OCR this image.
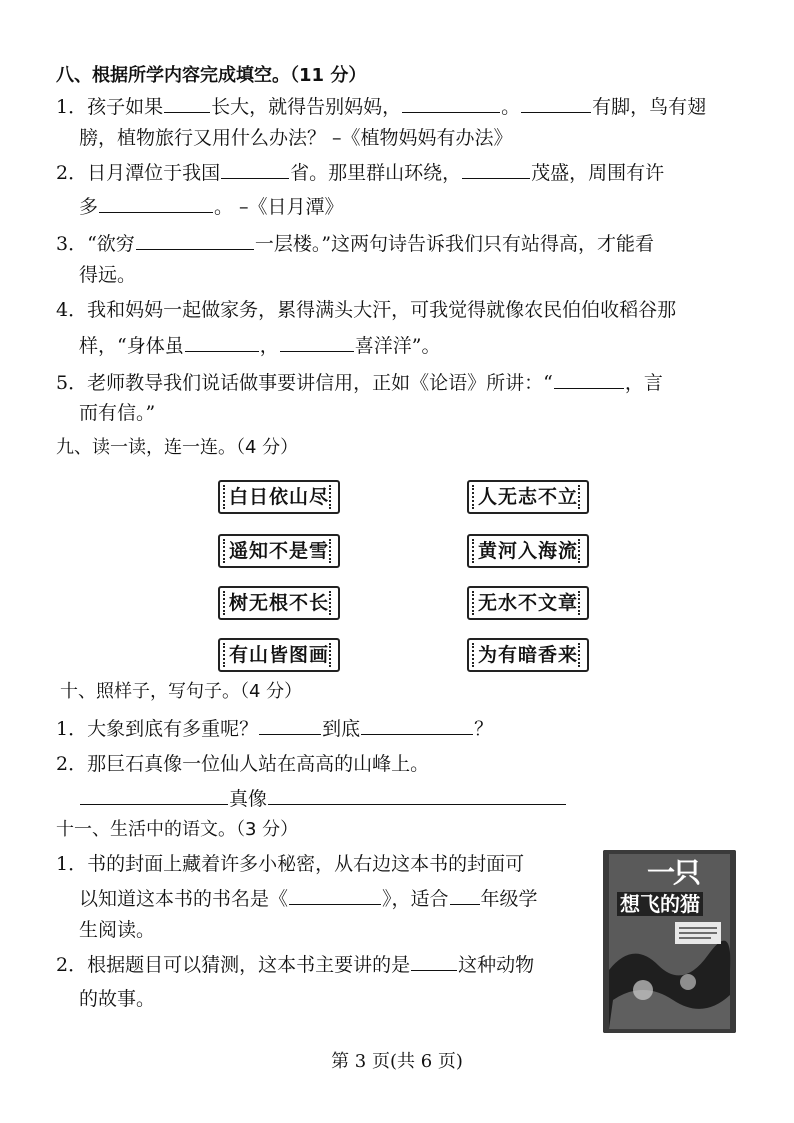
八、根据所学内容完成填空。（11 分）
1．孩子如果	长大，就得告别妈妈，	。	有脚，鸟有翅
膀，植物旅行又用什么办法？ –《植物妈妈有办法》
2．日月潭位于我国	省。那里群山环绕，	茂盛，周围有许
多	。 –《日月潭》
3．“欲穷	一层楼。”这两句诗告诉我们只有站得高，才能看
得远。
4．我和妈妈一起做家务，累得满头大汗，可我觉得就像农民伯伯收稻谷那
样，“身体虽	，	喜洋洋”。
5．老师教导我们说话做事要讲信用，正如《论语》所讲：“	，言
而有信。”
九、读一读，连一连。（4 分）
白日依山尽
遥知不是雪
树无根不长
有山皆图画
人无志不立
黄河入海流
无水不文章
为有暗香来
十、照样子，写句子。（4 分）
1．大象到底有多重呢？	到底	？
2．那巨石真像一位仙人站在高高的山峰上。
真像
十一、生活中的语文。（3 分）
1．书的封面上藏着许多小秘密，从右边这本书的封面可
以知道这本书的书名是《	》，适合 年级学
生阅读。
2．根据题目可以猜测，这本书主要讲的是	这种动物
的故事。
一只
想飞的猫
第 3 页(共 6 页)
